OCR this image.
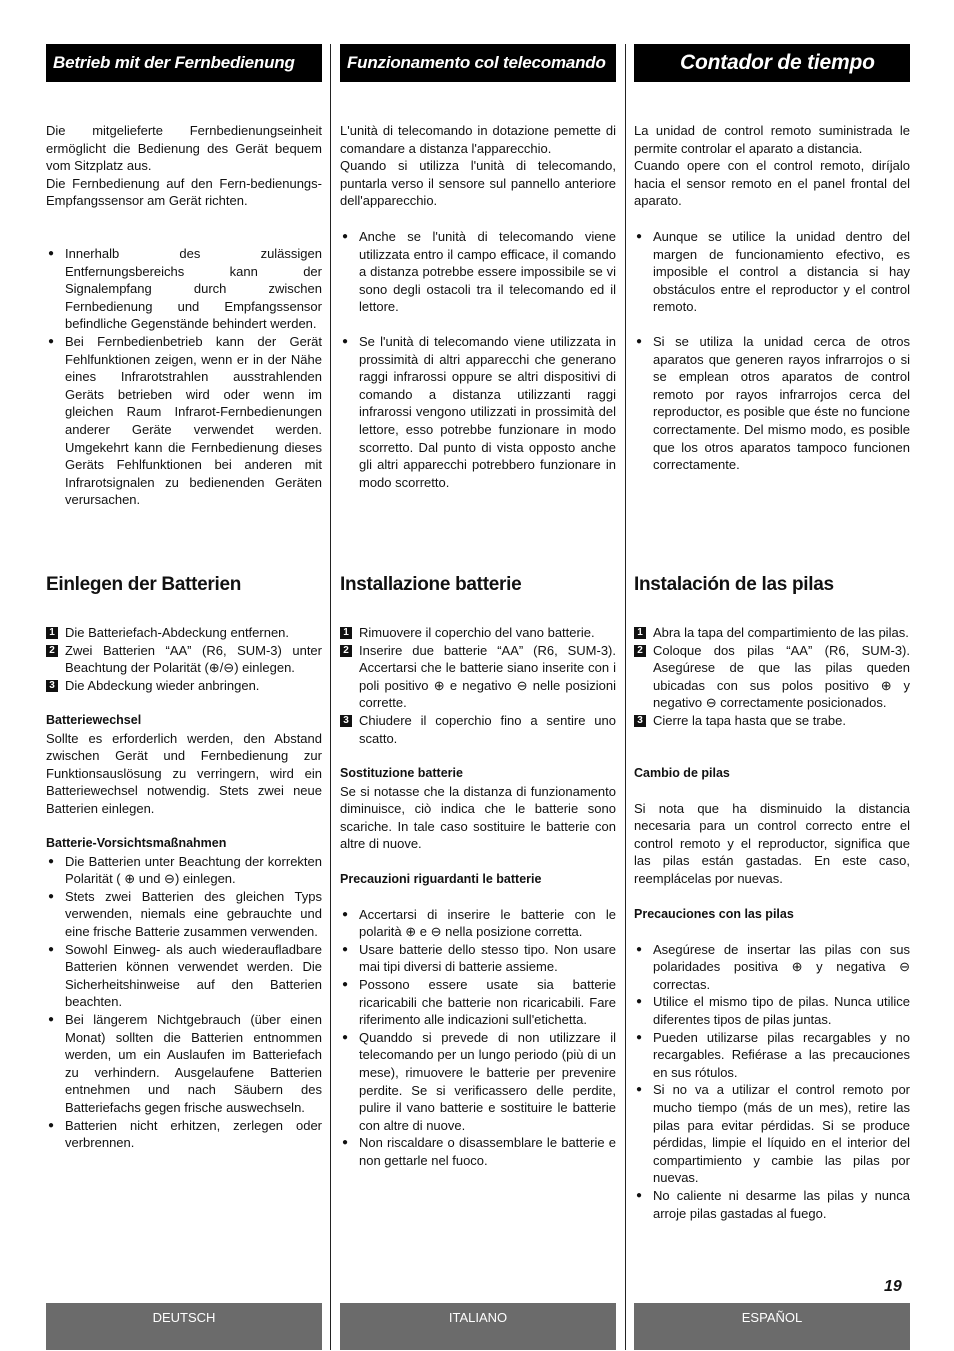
Betrieb mit der Fernbedienung

Die mitgelieferte Fernbedienungseinheit ermöglicht die Bedienung des Gerät bequem vom Sitzplatz aus.

Die Fernbedienung auf den Fern-bedienungs-Empfangssensor am Gerät richten.

● Innerhalb des zulässigen Entfernungsbereichs kann der Signalempfang durch zwischen Fernbedienung und Empfangssensor befindliche Gegenstände behindert werden.

● Bei Fernbedienbetrieb kann der Gerät Fehlfunktionen zeigen, wenn er in der Nähe eines Infrarotstrahlen ausstrahlenden Geräts betrieben wird oder wenn im gleichen Raum Infrarot-Fernbedienungen anderer Geräte verwendet werden. Umgekehrt kann die Fernbedienung dieses Geräts Fehlfunktionen bei anderen mit Infrarotsignalen zu bedienenden Geräten verursachen.

Einlegen der Batterien

1 Die Batteriefach-Abdeckung entfernen.

2 Zwei Batterien “AA” (R6, SUM-3) unter Beachtung der Polarität (⊕/⊖) einlegen.

3 Die Abdeckung wieder anbringen.

Batteriewechsel

Sollte es erforderlich werden, den Abstand zwischen Gerät und Fernbedienung zur Funktionsauslösung zu verringern, wird ein Batteriewechsel notwendig. Stets zwei neue Batterien einlegen.

Batterie-Vorsichtsmaßnahmen

● Die Batterien unter Beachtung der korrekten Polarität ( ⊕ und ⊖) einlegen.

● Stets zwei Batterien des gleichen Typs verwenden, niemals eine gebrauchte und eine frische Batterie zusammen verwenden.

● Sowohl Einweg- als auch wiederaufladbare Batterien können verwendet werden. Die Sicherheitshinweise auf den Batterien beachten.

● Bei längerem Nichtgebrauch (über einen Monat) sollten die Batterien entnommen werden, um ein Auslaufen im Batteriefach zu verhindern. Ausgelaufene Batterien entnehmen und nach Säubern des Batteriefachs gegen frische auswechseln.

● Batterien nicht erhitzen, zerlegen oder verbrennen.

Funzionamento col telecomando

L'unità di telecomando in dotazione pemette di comandare a distanza l'apparecchio.

Quando si utilizza l'unità di telecomando, puntarla verso il sensore sul pannello anteriore dell'apparecchio.

● Anche se l'unità di telecomando viene utilizzata entro il campo efficace, il comando a distanza potrebbe essere impossibile se vi sono degli ostacoli tra il telecomando ed il lettore.

● Se l'unità di telecomando viene utilizzata in prossimità di altri apparecchi che generano raggi infrarossi oppure se altri dispositivi di comando a distanza utilizzanti raggi infrarossi vengono utilizzati in prossimità del lettore, esso potrebbe funzionare in modo scorretto. Dal punto di vista opposto anche gli altri apparecchi potrebbero funzionare in modo scorretto.

Installazione batterie

1 Rimuovere il coperchio del vano batterie.

2 Inserire due batterie “AA” (R6, SUM-3). Accertarsi che le batterie siano inserite con i poli positivo ⊕ e negativo ⊖ nelle posizioni corrette.

3 Chiudere il coperchio fino a sentire uno scatto.

Sostituzione batterie

Se si notasse che la distanza di funzionamento diminuisce, ciò indica che le batterie sono scariche. In tale caso sostituire le batterie con altre di nuove.

Precauzioni riguardanti le batterie

● Accertarsi di inserire le batterie con le polarità ⊕ e ⊖ nella posizione corretta.

● Usare batterie dello stesso tipo. Non usare mai tipi diversi di batterie assieme.

● Possono essere usate sia batterie ricaricabili che batterie non ricaricabili. Fare riferimento alle indicazioni sull'etichetta.

● Quanddo si prevede di non utilizzare il telecomando per un lungo periodo (più di un mese), rimuovere le batterie per prevenire perdite. Se si verificassero delle perdite, pulire il vano batterie e sostituire le batterie con altre di nuove.

● Non riscaldare o disassemblare le batterie e non gettarle nel fuoco.

Contador de tiempo

La unidad de control remoto suministrada le permite controlar el aparato a distancia.

Cuando opere con el control remoto, diríjalo hacia el sensor remoto en el panel frontal del aparato.

● Aunque se utilice la unidad dentro del margen de funcionamiento efectivo, es imposible el control a distancia si hay obstáculos entre el reproductor y el control remoto.

● Si se utiliza la unidad cerca de otros aparatos que generen rayos infrarrojos o si se emplean otros aparatos de control remoto por rayos infrarrojos cerca del reproductor, es posible que éste no funcione correctamente. Del mismo modo, es posible que los otros aparatos tampoco funcionen correctamente.

Instalación de las pilas

1 Abra la tapa del compartimiento de las pilas.

2 Coloque dos pilas “AA” (R6, SUM-3). Asegúrese de que las pilas queden ubicadas con sus polos positivo ⊕ y negativo ⊖ correctamente posicionados.

3 Cierre la tapa hasta que se trabe.

Cambio de pilas

Si nota que ha disminuido la distancia necesaria para un control correcto entre el control remoto y el reproductor, significa que las pilas están gastadas. En este caso, reemplácelas por nuevas.

Precauciones con las pilas

● Asegúrese de insertar las pilas con sus polaridades positiva ⊕ y negativa ⊖ correctas.

● Utilice el mismo tipo de pilas. Nunca utilice diferentes tipos de pilas juntas.

● Pueden utilizarse pilas recargables y no recargables. Refiérase a las precauciones en sus rótulos.

● Si no va a utilizar el control remoto por mucho tiempo (más de un mes), retire las pilas para evitar pérdidas. Si se produce pérdidas, limpie el líquido en el interior del compartimiento y cambie las pilas por nuevas.

● No caliente ni desarme las pilas y nunca arroje pilas gastadas al fuego.

19
DEUTSCH	ITALIANO	ESPAÑOL
